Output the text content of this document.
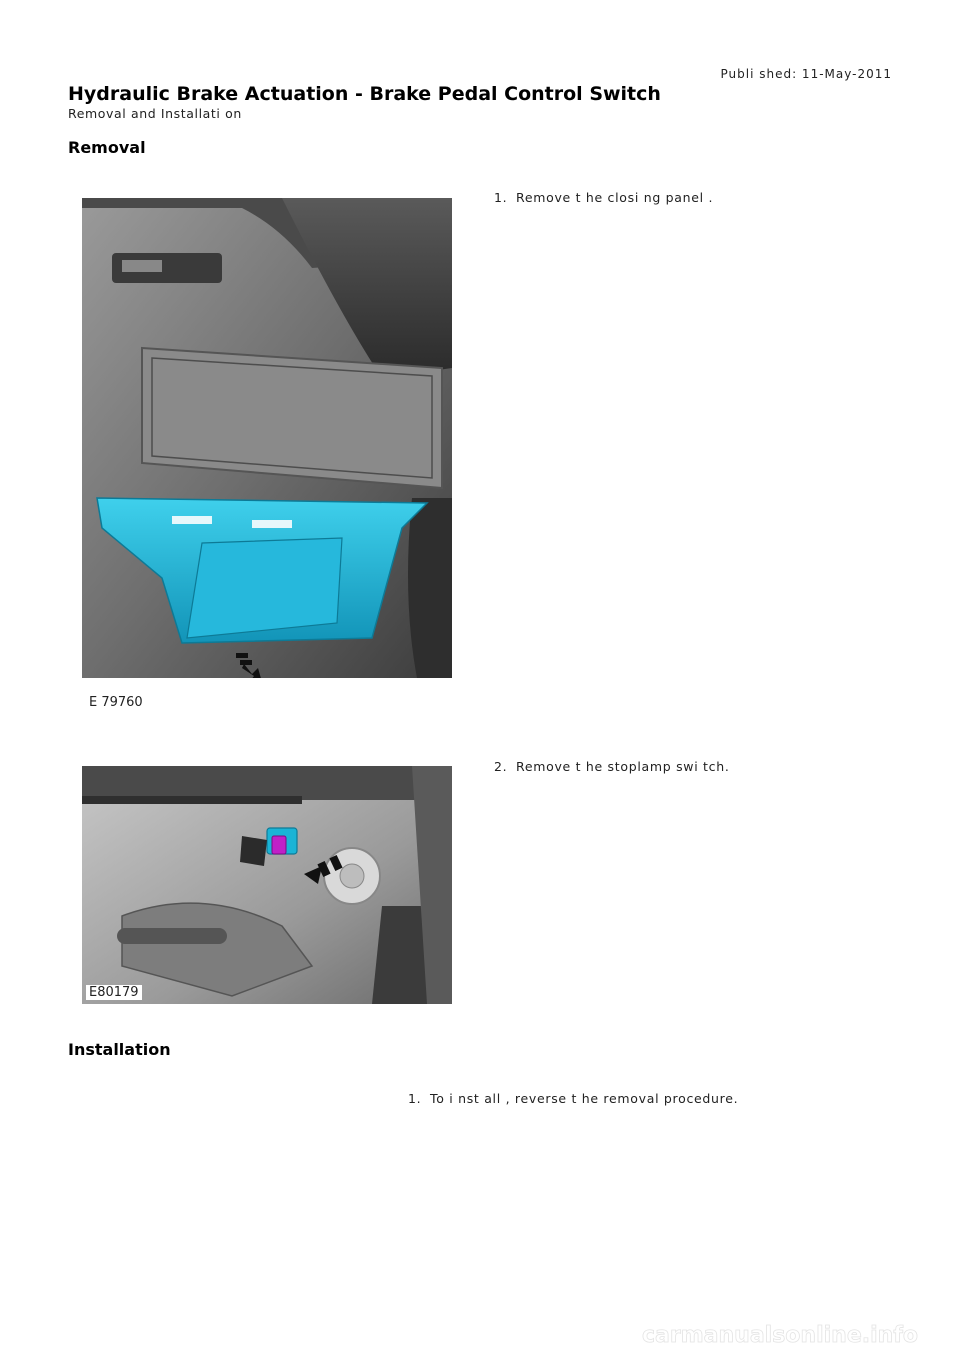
Publi shed: 11-May-2011
Hydraulic Brake Actuation - Brake Pedal Control Switch
Removal and Installati on
Removal
E 79760
1. Remove t he closi ng panel .
E80179
2. Remove t he stoplamp swi tch.
Installation
1. To i nst all , reverse t he removal procedure.
carmanualsonline.info
